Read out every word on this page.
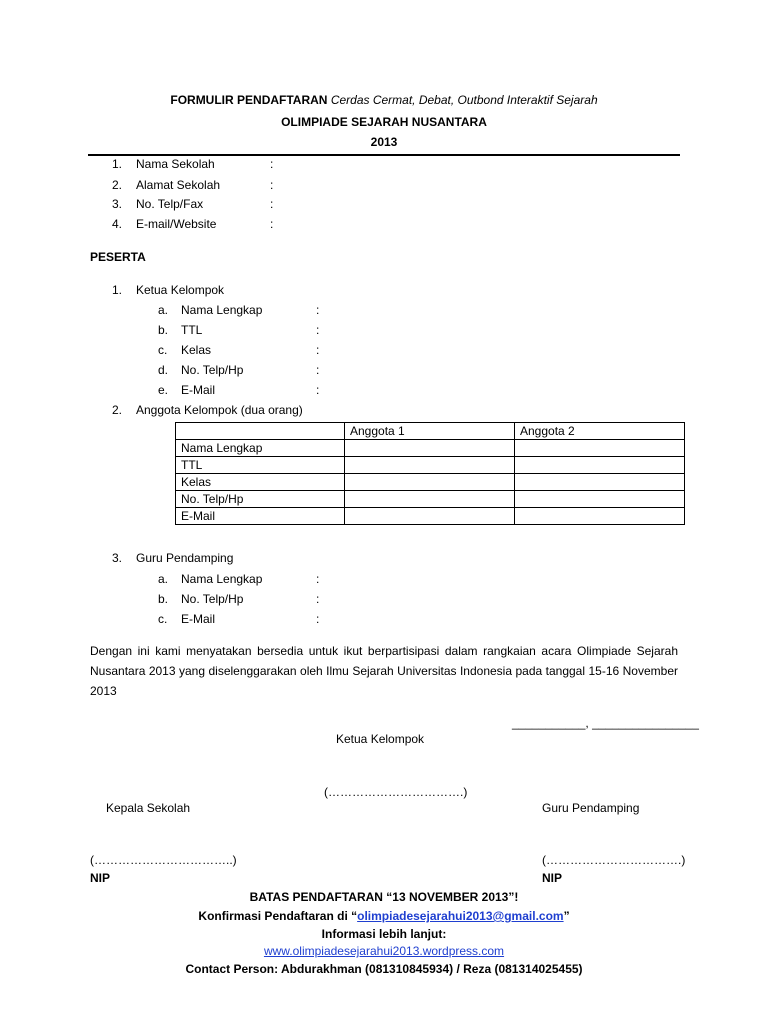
FORMULIR PENDAFTARAN Cerdas Cermat, Debat, Outbond Interaktif Sejarah
OLIMPIADE SEJARAH NUSANTARA
2013
1. Nama Sekolah	:
2. Alamat Sekolah	:
3. No. Telp/Fax	:
4. E-mail/Website	:
PESERTA
1. Ketua Kelompok
a. Nama Lengkap	:
b. TTL	:
c. Kelas	:
d. No. Telp/Hp	:
e. E-Mail	:
2. Anggota Kelompok (dua orang)
	Anggota 1	Anggota 2
Nama Lengkap		
TTL		
Kelas		
No. Telp/Hp		
E-Mail		
3. Guru Pendamping
a. Nama Lengkap	:
b. No. Telp/Hp	:
c. E-Mail	:
Dengan ini kami menyatakan bersedia untuk ikut berpartisipasi dalam rangkaian acara Olimpiade Sejarah Nusantara 2013 yang diselenggarakan oleh Ilmu Sejarah Universitas Indonesia pada tanggal 15-16 November 2013
___________, ________________
Ketua Kelompok
(…………………………….)
Kepala Sekolah	Guru Pendamping
(……………………………..)
NIP
(…………………………….)
NIP
BATAS PENDAFTARAN “13 NOVEMBER 2013”!
Konfirmasi Pendaftaran di “olimpiadesejarahui2013@gmail.com”
Informasi lebih lanjut:
www.olimpiadesejarahui2013.wordpress.com
Contact Person: Abdurakhman (081310845934) / Reza (081314025455)
